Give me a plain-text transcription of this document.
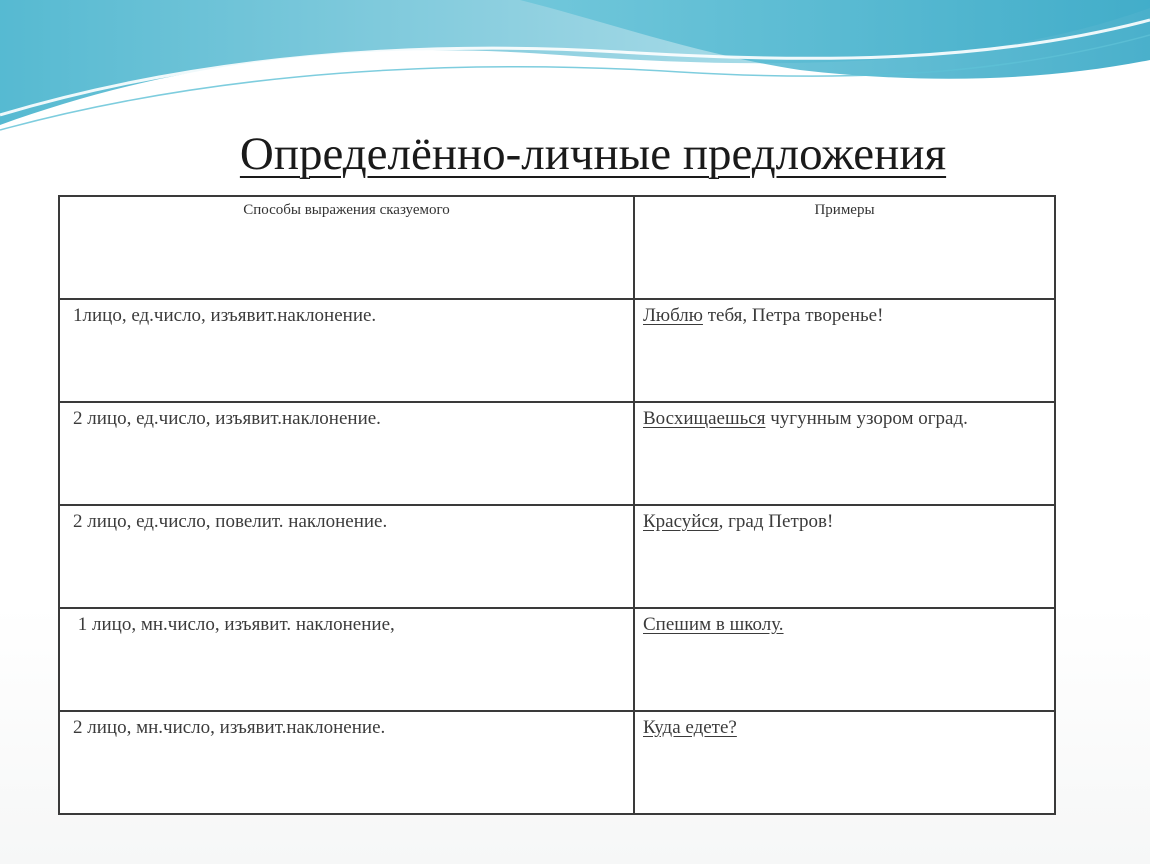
Определённо-личные предложения
Способы выражения сказуемого	Примеры
1лицо, ед.число, изъявит.наклонение.	Люблю тебя, Петра творенье!
2 лицо, ед.число, изъявит.наклонение.	Восхищаешься чугунным узором оград.
2 лицо, ед.число, повелит. наклонение.	Красуйся, град Петров!
1 лицо, мн.число, изъявит. наклонение,	Спешим в школу.
2 лицо, мн.число, изъявит.наклонение.	Куда едете?
